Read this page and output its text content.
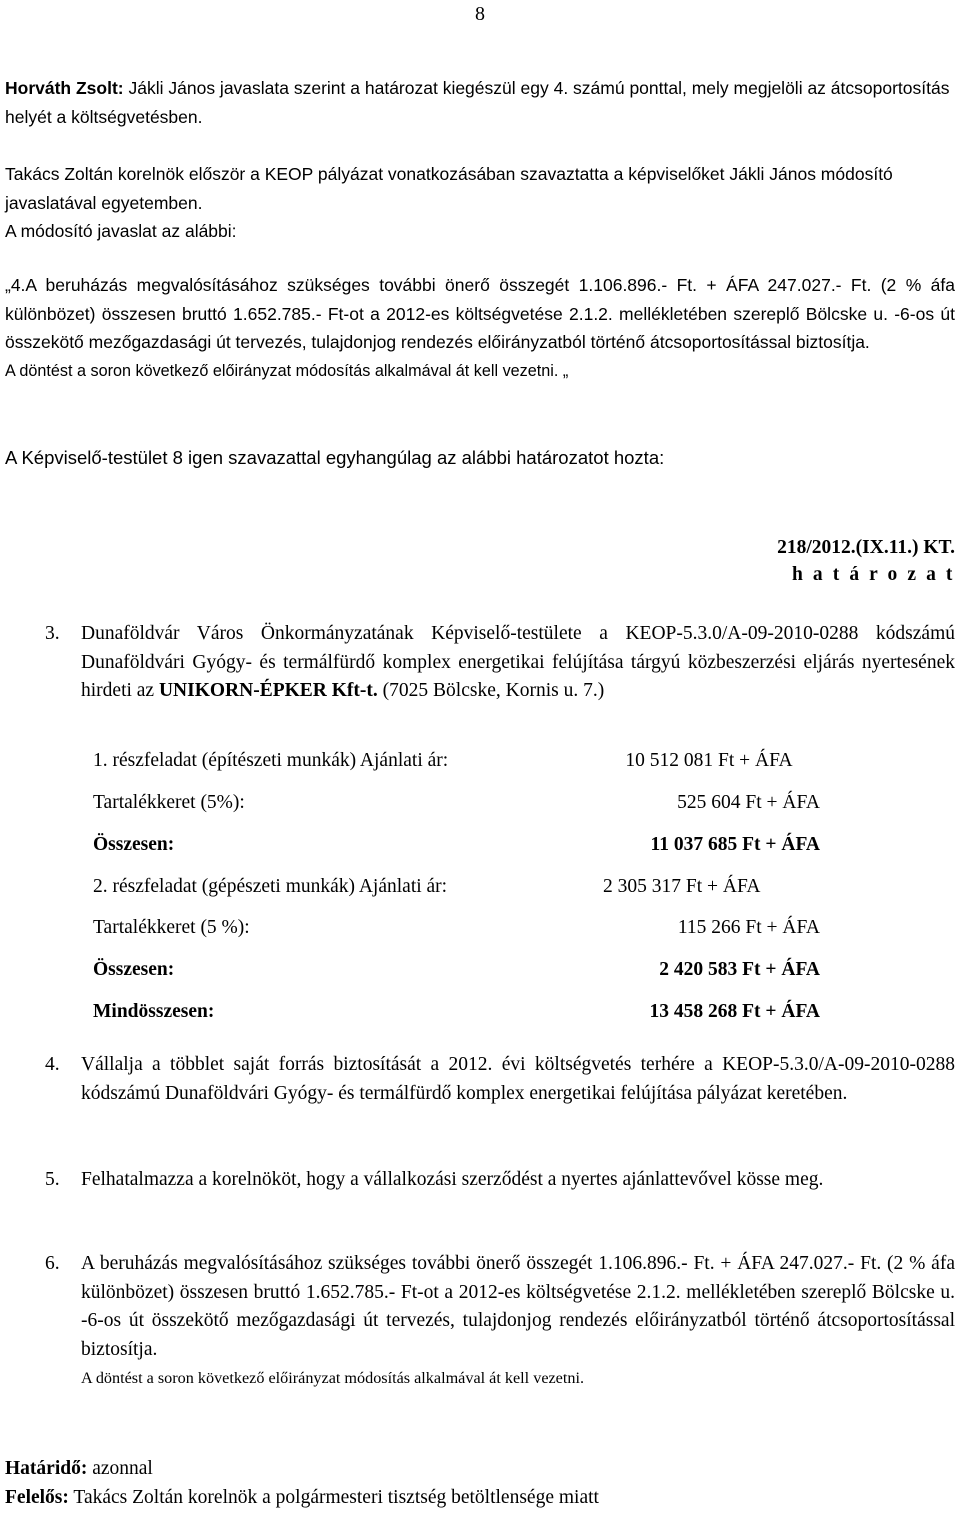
8
Horváth Zsolt: Jákli János javaslata szerint a határozat kiegészül egy 4. számú ponttal, mely megjelöli az átcsoportosítás helyét a költségvetésben.
Takács Zoltán korelnök először a KEOP pályázat vonatkozásában szavaztatta a képviselőket Jákli János módosító javaslatával egyetemben.
A módosító javaslat az alábbi:
„4.A beruházás megvalósításához szükséges további önerő összegét 1.106.896.- Ft. + ÁFA 247.027.- Ft. (2 % áfa különbözet) összesen bruttó 1.652.785.- Ft-ot a 2012-es költségvetése 2.1.2. mellékletében szereplő Bölcske u. -6-os út összekötő mezőgazdasági út tervezés, tulajdonjog rendezés előirányzatból történő átcsoportosítással biztosítja.
A döntést a soron következő előirányzat módosítás alkalmával át kell vezetni. „
A Képviselő-testület 8 igen szavazattal egyhangúlag az alábbi határozatot hozta:
218/2012.(IX.11.) KT.
h a t á r o z a t
3.	Dunaföldvár Város Önkormányzatának Képviselő-testülete a KEOP-5.3.0/A-09-2010-0288 kódszámú Dunaföldvári Gyógy- és termálfürdő komplex energetikai felújítása tárgyú közbeszerzési eljárás nyertesének hirdeti az UNIKORN-ÉPKER Kft-t. (7025 Bölcske, Kornis u. 7.)
1. részfeladat (építészeti munkák) Ajánlati ár:	10 512 081 Ft + ÁFA
Tartalékkeret (5%):	525 604 Ft + ÁFA
Összesen:	11 037 685 Ft + ÁFA
2. részfeladat (gépészeti munkák) Ajánlati ár:	2 305 317 Ft + ÁFA
Tartalékkeret (5 %):	115 266 Ft + ÁFA
Összesen:	2 420 583 Ft + ÁFA
Mindösszesen:	13 458 268 Ft + ÁFA
4.	Vállalja a többlet saját forrás biztosítását a 2012. évi költségvetés terhére a KEOP-5.3.0/A-09-2010-0288 kódszámú Dunaföldvári Gyógy- és termálfürdő komplex energetikai felújítása pályázat keretében.
5.	Felhatalmazza a korelnököt, hogy a vállalkozási szerződést a nyertes ajánlattevővel kösse meg.
6.	A beruházás megvalósításához szükséges további önerő összegét 1.106.896.- Ft. + ÁFA 247.027.- Ft. (2 % áfa különbözet) összesen bruttó 1.652.785.- Ft-ot a 2012-es költségvetése 2.1.2. mellékletében szereplő Bölcske u. -6-os út összekötő mezőgazdasági út tervezés, tulajdonjog rendezés előirányzatból történő átcsoportosítással biztosítja.
A döntést a soron következő előirányzat módosítás alkalmával át kell vezetni.
Határidő: azonnal
Felelős: Takács Zoltán korelnök a polgármesteri tisztség betöltlensége miatt
